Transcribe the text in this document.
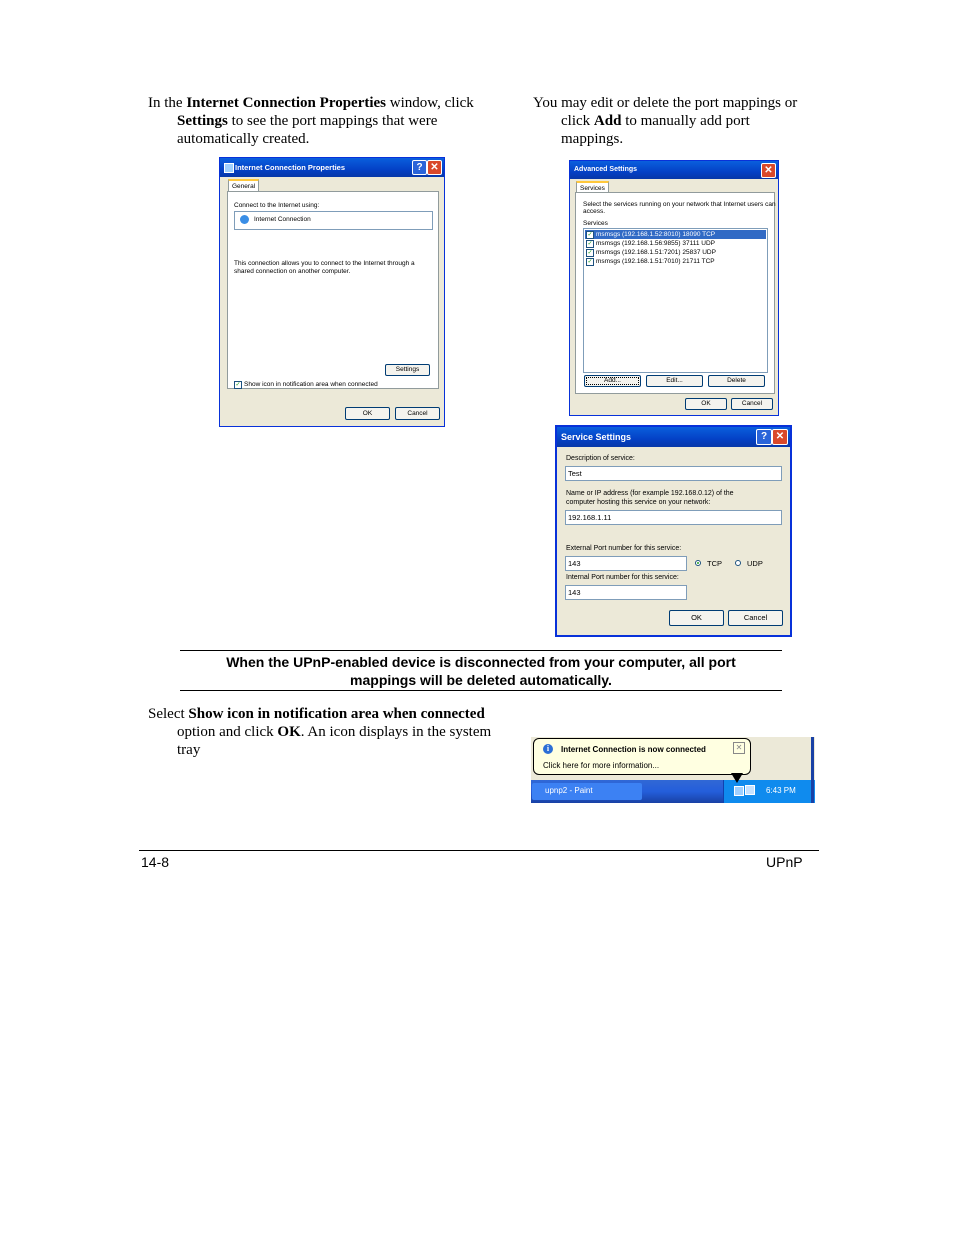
In the Internet Connection Properties window, click
Settings to see the port mappings that were
automatically created.
You may edit or delete the port mappings or
click Add to manually add port
mappings.
Internet Connection Properties	? ✕
General
Connect to the Internet using:
Internet Connection
This connection allows you to connect to the Internet through a
shared connection on another computer.
Settings
✓ Show icon in notification area when connected
OK	Cancel
Advanced Settings	✕
Services
Select the services running on your network that Internet users can
access.
Services
✓ msmsgs (192.168.1.52:8010) 18090 TCP
✓ msmsgs (192.168.1.56:9855) 37111 UDP
✓ msmsgs (192.168.1.51:7201) 25837 UDP
✓ msmsgs (192.168.1.51:7010) 21711 TCP
Add...	Edit...	Delete
OK	Cancel
Service Settings	? ✕
Description of service:
Test
Name or IP address (for example 192.168.0.12) of the
computer hosting this service on your network:
192.168.1.11
External Port number for this service:
143	TCP	UDP
Internal Port number for this service:
143
OK	Cancel
When the UPnP-enabled device is disconnected from your computer, all port
mappings will be deleted automatically.
Select Show icon in notification area when connected
option and click OK. An icon displays in the system
tray
upnp2 - Paint	6:43 PM
i	Internet Connection is now connected	✕
Click here for more information...
14-8	UPnP
